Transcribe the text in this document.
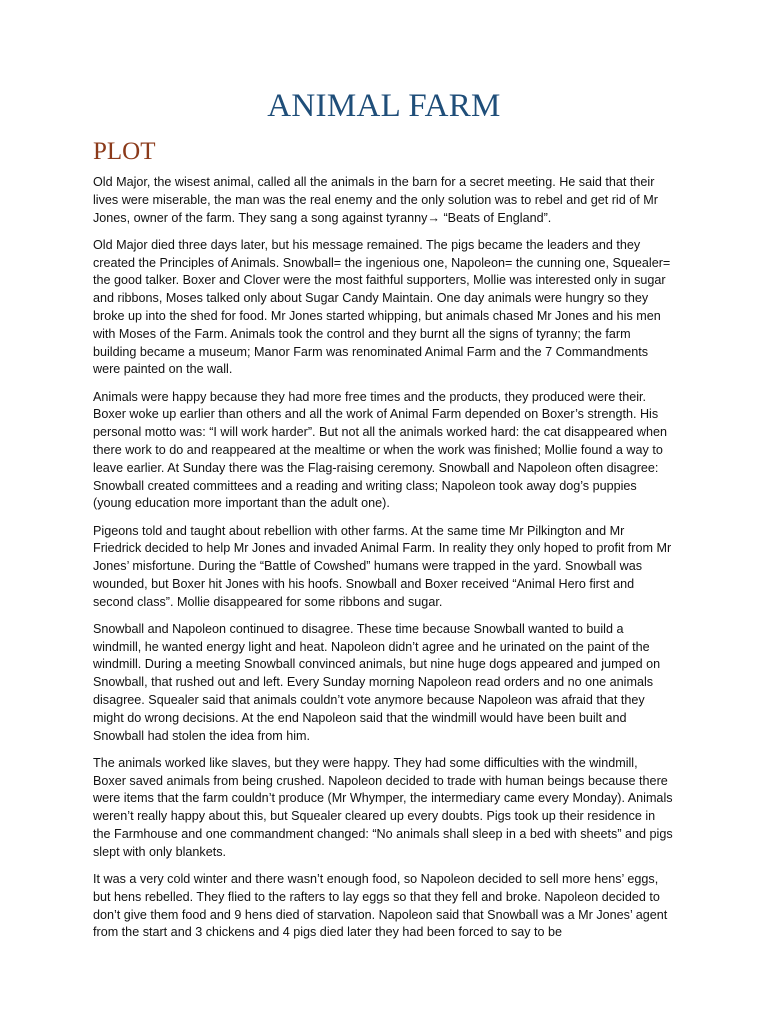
ANIMAL FARM
PLOT

Old Major, the wisest animal, called all the animals in the barn for a secret meeting. He said that their lives were miserable, the man was the real enemy and the only solution was to rebel and get rid of Mr Jones, owner of the farm. They sang a song against tyranny→ “Beats of England”.

Old Major died three days later, but his message remained. The pigs became the leaders and they created the Principles of Animals. Snowball= the ingenious one, Napoleon= the cunning one, Squealer= the good talker. Boxer and Clover were the most faithful supporters, Mollie was interested only in sugar and ribbons, Moses talked only about Sugar Candy Maintain. One day animals were hungry so they broke up into the shed for food. Mr Jones started whipping, but animals chased Mr Jones and his men with Moses of the Farm. Animals took the control and they burnt all the signs of tyranny; the farm building became a museum; Manor Farm was renominated Animal Farm and the 7 Commandments were painted on the wall.

Animals were happy because they had more free times and the products, they produced were their. Boxer woke up earlier than others and all the work of Animal Farm depended on Boxer’s strength. His personal motto was: “I will work harder”. But not all the animals worked hard: the cat disappeared when there work to do and reappeared at the mealtime or when the work was finished; Mollie found a way to leave earlier. At Sunday there was the Flag-raising ceremony. Snowball and Napoleon often disagree: Snowball created committees and a reading and writing class; Napoleon took away dog’s puppies (young education more important than the adult one).

Pigeons told and taught about rebellion with other farms. At the same time Mr Pilkington and Mr Friedrick decided to help Mr Jones and invaded Animal Farm. In reality they only hoped to profit from Mr Jones’ misfortune. During the “Battle of Cowshed” humans were trapped in the yard. Snowball was wounded, but Boxer hit Jones with his hoofs. Snowball and Boxer received “Animal Hero first and second class”. Mollie disappeared for some ribbons and sugar.

Snowball and Napoleon continued to disagree. These time because Snowball wanted to build a windmill, he wanted energy light and heat. Napoleon didn’t agree and he urinated on the paint of the windmill. During a meeting Snowball convinced animals, but nine huge dogs appeared and jumped on Snowball, that rushed out and left. Every Sunday morning Napoleon read orders and no one animals disagree. Squealer said that animals couldn’t vote anymore because Napoleon was afraid that they might do wrong decisions. At the end Napoleon said that the windmill would have been built and Snowball had stolen the idea from him.

The animals worked like slaves, but they were happy. They had some difficulties with the windmill, Boxer saved animals from being crushed. Napoleon decided to trade with human beings because there were items that the farm couldn’t produce (Mr Whymper, the intermediary came every Monday). Animals weren’t really happy about this, but Squealer cleared up every doubts. Pigs took up their residence in the Farmhouse and one commandment changed: “No animals shall sleep in a bed with sheets” and pigs slept with only blankets.

It was a very cold winter and there wasn’t enough food, so Napoleon decided to sell more hens’ eggs, but hens rebelled. They flied to the rafters to lay eggs so that they fell and broke. Napoleon decided to don’t give them food and 9 hens died of starvation. Napoleon said that Snowball was a Mr Jones’ agent from the start and 3 chickens and 4 pigs died later they had been forced to say to be
